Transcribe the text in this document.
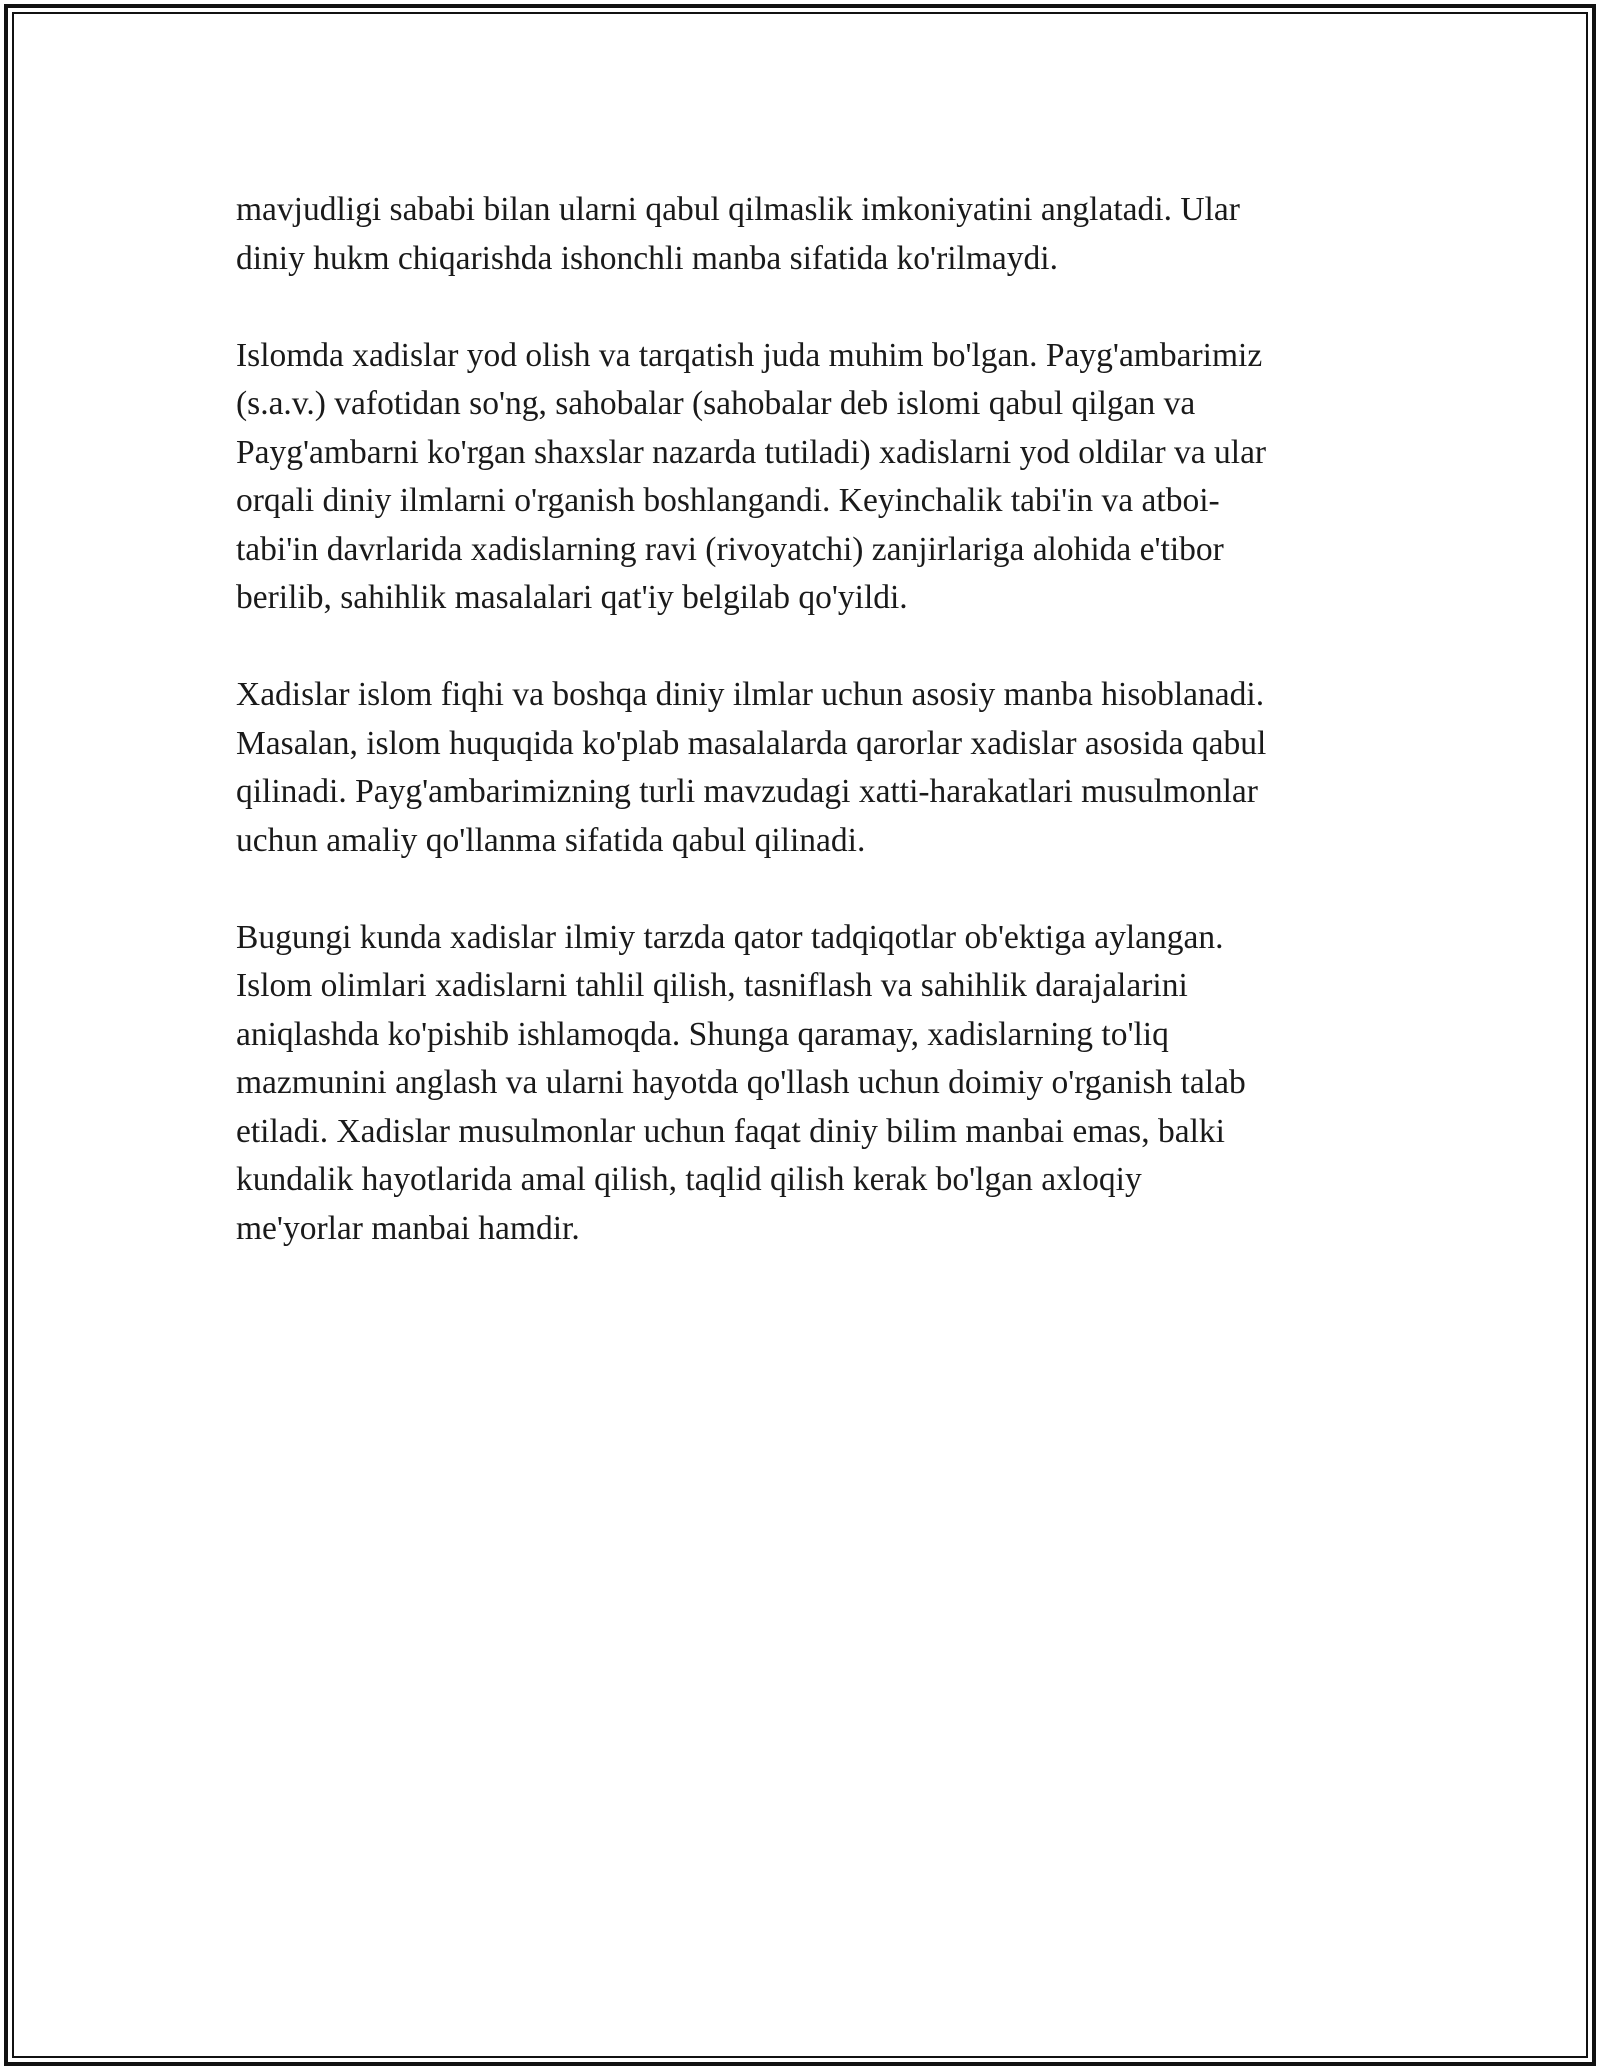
mavjudligi sababi bilan ularni qabul qilmaslik imkoniyatini anglatadi. Ular
diniy hukm chiqarishda ishonchli manba sifatida ko'rilmaydi.

Islomda xadislar yod olish va tarqatish juda muhim bo'lgan. Payg'ambarimiz
(s.a.v.) vafotidan so'ng, sahobalar (sahobalar deb islomi qabul qilgan va
Payg'ambarni ko'rgan shaxslar nazarda tutiladi) xadislarni yod oldilar va ular
orqali diniy ilmlarni o'rganish boshlangandi. Keyinchalik tabi'in va atboi-
tabi'in davrlarida xadislarning ravi (rivoyatchi) zanjirlariga alohida e'tibor
berilib, sahihlik masalalari qat'iy belgilab qo'yildi.

Xadislar islom fiqhi va boshqa diniy ilmlar uchun asosiy manba hisoblanadi.
Masalan, islom huquqida ko'plab masalalarda qarorlar xadislar asosida qabul
qilinadi. Payg'ambarimizning turli mavzudagi xatti-harakatlari musulmonlar
uchun amaliy qo'llanma sifatida qabul qilinadi.

Bugungi kunda xadislar ilmiy tarzda qator tadqiqotlar ob'ektiga aylangan.
Islom olimlari xadislarni tahlil qilish, tasniflash va sahihlik darajalarini
aniqlashda ko'pishib ishlamoqda. Shunga qaramay, xadislarning to'liq
mazmunini anglash va ularni hayotda qo'llash uchun doimiy o'rganish talab
etiladi. Xadislar musulmonlar uchun faqat diniy bilim manbai emas, balki
kundalik hayotlarida amal qilish, taqlid qilish kerak bo'lgan axloqiy
me'yorlar manbai hamdir.
